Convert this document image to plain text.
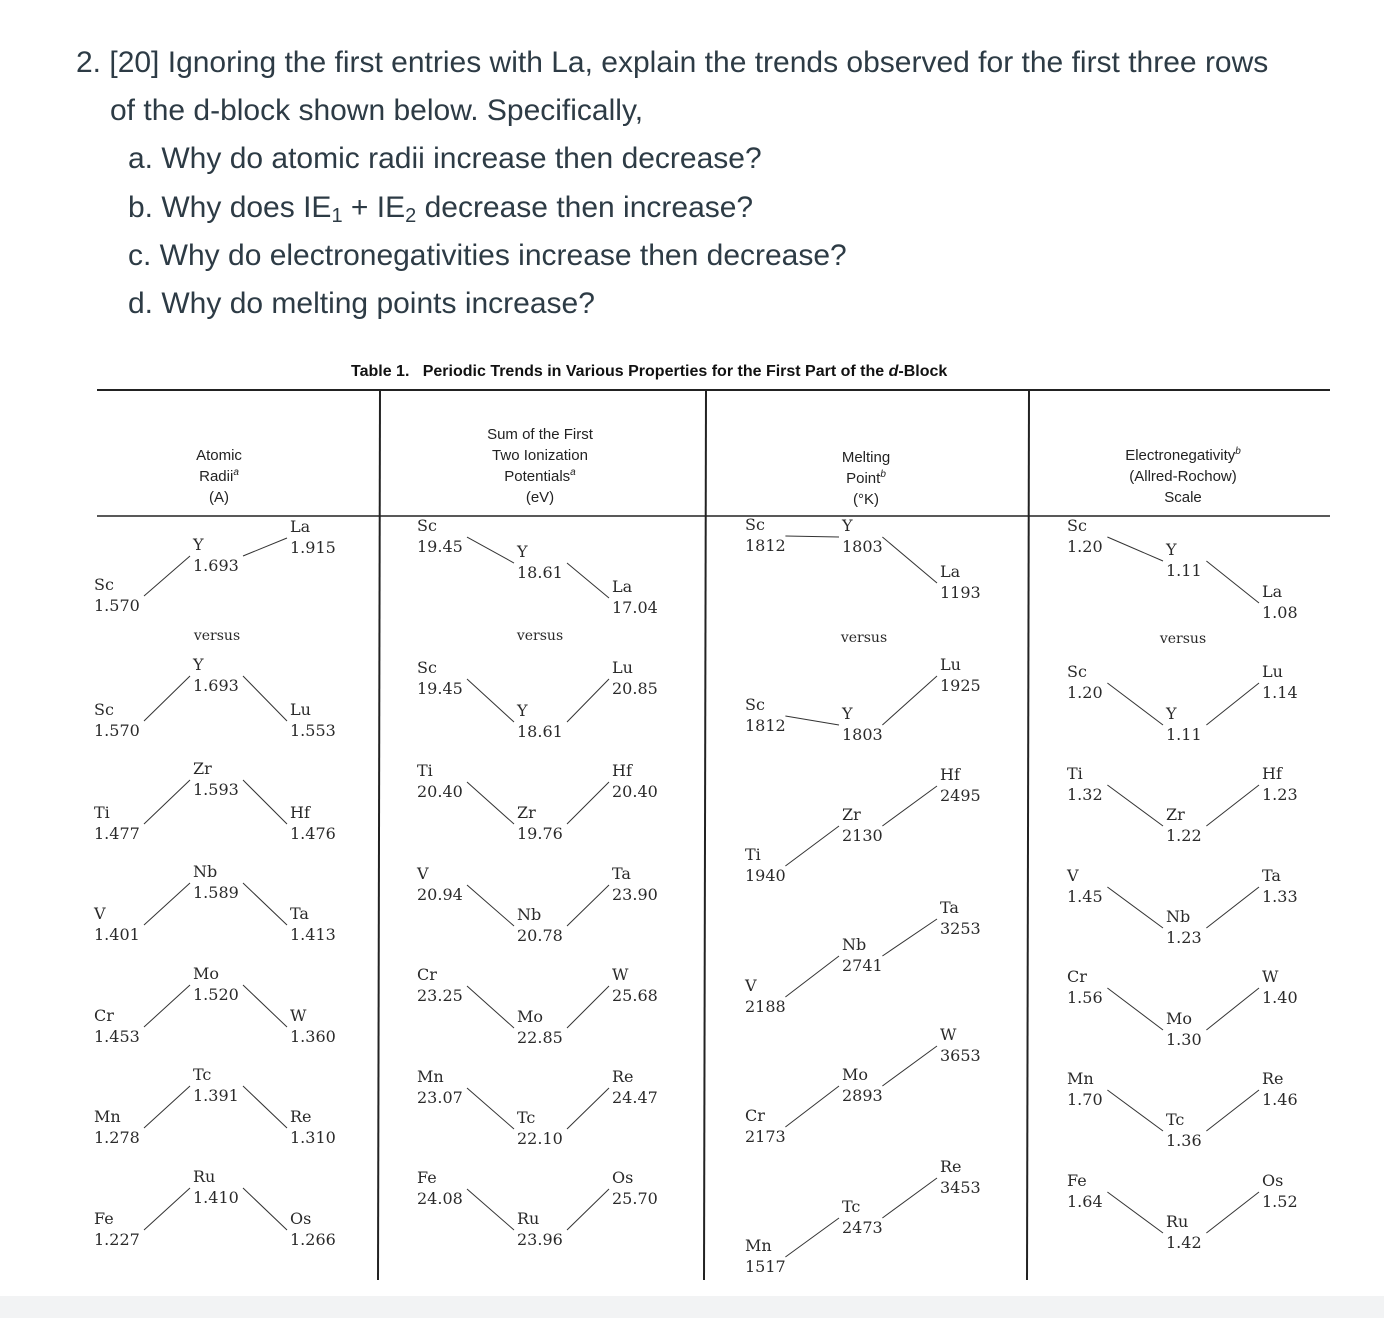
2. [20] Ignoring the first entries with La, explain the trends observed for the first three rows
of the d-block shown below. Specifically,
a. Why do atomic radii increase then decrease?
b. Why does $IE_1 + IE_2$ decrease then increase?
c. Why do electronegativities increase then decrease?
d. Why do melting points increase?
Table 1. Periodic Trends in Various Properties for the First Part of the d-Block
Atomic
Radii$^a$
(A)
Sum of the First
Two Ionization
Potentials$^a$
(eV)
Melting
Point$^b$
(°K)
Electronegativity$^b$
(Allred-Rochow)
Scale
Sc
1.570
Y
1.693
La
1.915
versus
Sc
1.570
Y
1.693
Lu
1.553
Ti
1.477
Zr
1.593
Hf
1.476
V
1.401
Nb
1.589
Ta
1.413
Cr
1.453
Mo
1.520
W
1.360
Mn
1.278
Tc
1.391
Re
1.310
Fe
1.227
Ru
1.410
Os
1.266
Sc
19.45	Y
18.61
La
17.04
versus
Sc
19.45
Y
18.61
Lu
20.85
Ti
20.40
Zr
19.76
Hf
20.40
V
20.94
Nb
20.78
Ta
23.90
Cr
23.25
Mo
22.85
W
25.68
Mn
23.07
Tc
22.10
Re
24.47
Fe
24.08
Ru
23.96
Os
25.70
Sc
1812
Y
1803
La
1193
versus
Sc
1812
Y
1803
Lu
1925
Ti
1940
Zr
2130
Hf
2495
V
2188
Nb
2741
Ta
3253
Cr
2173
Mo
2893
W
3653
Mn
1517
Tc
2473
Re
3453
Sc
1.20	Y
1.11
La
1.08
versus
Sc
1.20
Y
1.11
Lu
1.14
Ti
1.32
Zr
1.22
Hf
1.23
V
1.45
Nb
1.23
Ta
1.33
Cr
1.56
Mo
1.30
W
1.40
Mn
1.70
Tc
1.36
Re
1.46
Fe
1.64
Ru
1.42
Os
1.52
